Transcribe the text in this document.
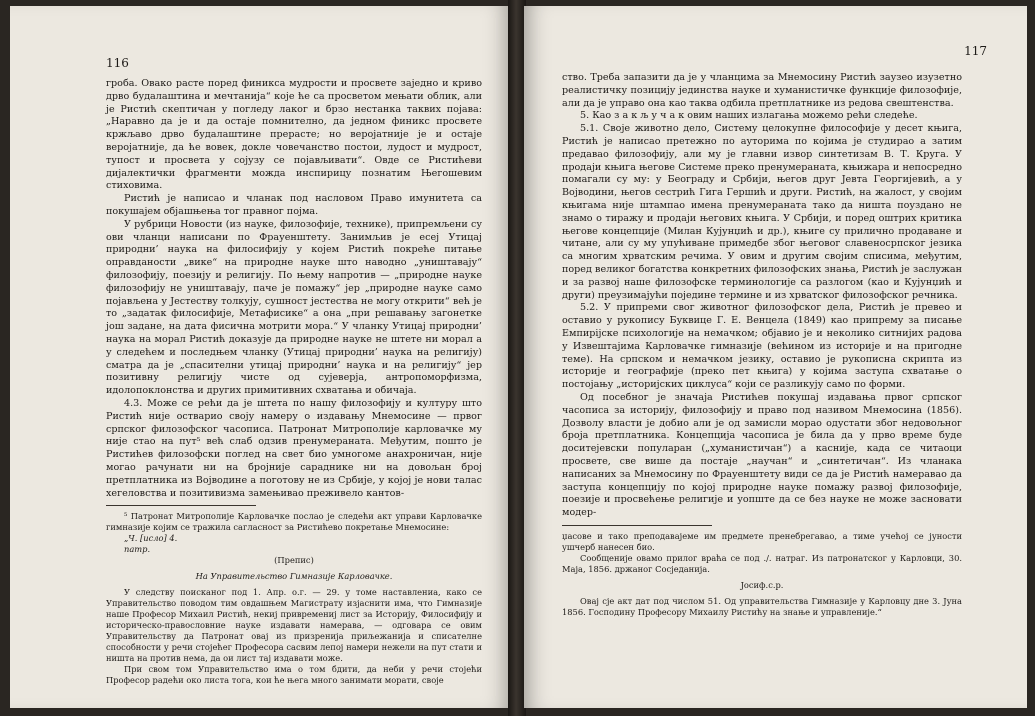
116

гроба. Овако расте поред финикса мудрости и просвете заједно и криво дрво будалаштина и мечтанија“ које ће са просветом мењати облик, али је Ристић скептичан у погледу лаког и брзо нестанка таквих појава: „Наравно да је и да остаје помнително, да једном финикс просвете кржљаво дрво будалаштине прерасте; но вероjатније је и остаје вероjатније, да ће вовек, докле човечанство постои, лудост и мудрост, тупост и просвета у соjузу се појављивати“. Овде се Ристићеви дијалектички фрагменти можда инспирицу познатим Његошевим стиховима.

Ристић је написао и чланак под насловом Право имунитета са покушајем објашњења тог правног појма.

У рубрици Новости (из науке, филозофије, технике), припремљени су ови чланци написани по Фрауенштету. Занимљив је есеј Утицај природни’ наука на филосифију у којем Ристић покреће питање оправданости „вике“ на природне науке што наводно „уништавају“ филозофију, поезију и религију. По њему напротив — „природне науке филозофију не уништавају, паче је помажу“ јер „природне науке само појављена у Јестеству толкују, сушност јестества не могу открити“ већ је то „задатак филосифије, Метафисике“ а она „при решавању загонетке још задане, на дата фисична мотрити мора.“ У чланку Утицај природни’ наука на морал Ристић доказује да природне науке не штете ни морал а у следећем и последњем чланку (Утицај природни’ наука на религију) сматра да је „спасителни утицај природни’ наука и на религију“ јер позитивну религију чисте од сујеверја, антропоморфизма, идолопоклонства и других примитивних схватања и обичаја.

4.3. Може се рећи да је штета по нашу филозофију и културу што Ристић није остварио своју намеру о издавању Мнемосине — првог српског филозофског часописа. Патронат Митрополије карловачке му није стао на пут⁵ већ слаб одзив пренумераната. Међутим, пошто је Ристићев филозофски поглед на свет био умногоме анахроничан, није могао рачунати ни на бројније сараднике ни на довољан број претплатника из Војводине а поготову не из Србије, у којој је нови талас хегеловства и позитивизма замењивао преживело кантов-

⁵ Патронат Митрополије Карловачке послао је следећи акт управи Карловачке гимназије којим се тражила сагласност за Ристићево покретање Мнемосине:

„Ч. [исло] 4.

патр.

(Препис)

На Управительство Гимназије Карловачке.

У следству поисканог под 1. Апр. о.г. — 29. у томе наставлениа, како се Управительство поводом тим овдашњем Магистрату изјаснити има, что Гимназије наше Професор Михаил Ристић, некиј привремениј лист за Историју, Филосифију и историческо-правословние науке издавати намерава, — одговара се овим Управительству да Патронат овај из призренија приљежанија и списателне способности у речи стојећег Професора сасвим лепој намери нежели на пут стати и ништа на против нема, да ои лист тај издавати може.

При свом том Управительство има о том бдити, да неби у речи стојећи Професор радећи око листа тога, кои ће њега много занимати морати, своје

117

ство. Треба запазити да је у чланцима за Мнемосину Ристић заузео изузетно реалистичку позицију јединства науке и хуманистичке функције филозофије, али да је управо она као таква одбила претплатнике из редова свештенства.

5. Као з а к љ у ч а к овим наших излагања можемо рећи следеће.

5.1. Своје животно дело, Систему целокупне философије у десет књига, Ристић је написао претежно по ауторима по којима је студирао а затим предавао филозофију, али му је главни извор синтетизам В. Т. Круга. У продаји књига његове Системе преко пренумераната, књижара и непосредно помагали су му: у Београду и Србији, његов друг Јевта Георгијевић, а у Војводини, његов сестрић Гига Гершић и други. Ристић, на жалост, у својим књигама није штампао имена пренумераната тако да ништа поуздано не знамо о тиражу и продаји његових књига. У Србији, и поред оштрих критика његове концепције (Милан Кујунџић и др.), књиге су прилично продаване и читане, али су му упућиване примедбе због његовог славеносрпског језика са многим хрватским речима. У овим и другим својим списима, међутим, поред великог богатства конкретних филозофских знања, Ристић је заслужан и за развој наше филозофске терминологије са разлогом (као и Кујунџић и други) преузимајући поједине термине и из хрватског филозофског речника.

5.2. У припреми свог животног филозофског дела, Ристић је превео и оставио у рукопису Буквице Г. Е. Венцела (1849) као припрему за писање Емпирijске психологије на немачком; објавио је и неколико ситнијих радова у Извештајима Карловачке гимназије (већином из историје и на пригодне теме). На српском и немачком језику, оставио је рукописна скрипта из историје и географије (преко пет књига) у којима заступа схватање о постојању „историјских циклуса“ који се разликују само по форми.

Од посебног је значаја Ристићев покушај издавања првог српског часописа за историју, филозофију и право под називом Мнемосина (1856). Дозволу власти је добио али је од замисли морао одустати због недовољног броја претплатника. Концепција часописа је била да у прво време буде доситејевски популаран („хуманистичан“) а касније, када се читаоци просвете, све више да постаје „научан“ и „синтетичан“. Из чланака написаних за Мнемосину по Фрауенштету види се да је Ристић намеравао да заступа концепцију по којој природне науке помажу развој филозофије, поезије и просвећење религије и уопште да се без науке не може засновати модер-

џасове и тако преподавајеме им предмете пренебрегавао, а тиме учећој се јуности ушчерб нанесен био.

Сообщеније овамо прилог враћа се под ./. натраг. Из патронатског у Карловци, 30. Маја, 1856. држаног Сосједанија.

Јосиф.с.р.

Овај сје акт дат под числом 51. Од управительства Гимназије у Карловцу дне 3. Јуна 1856. Господину Професору Михаилу Ристићу на знање и управленије.“
